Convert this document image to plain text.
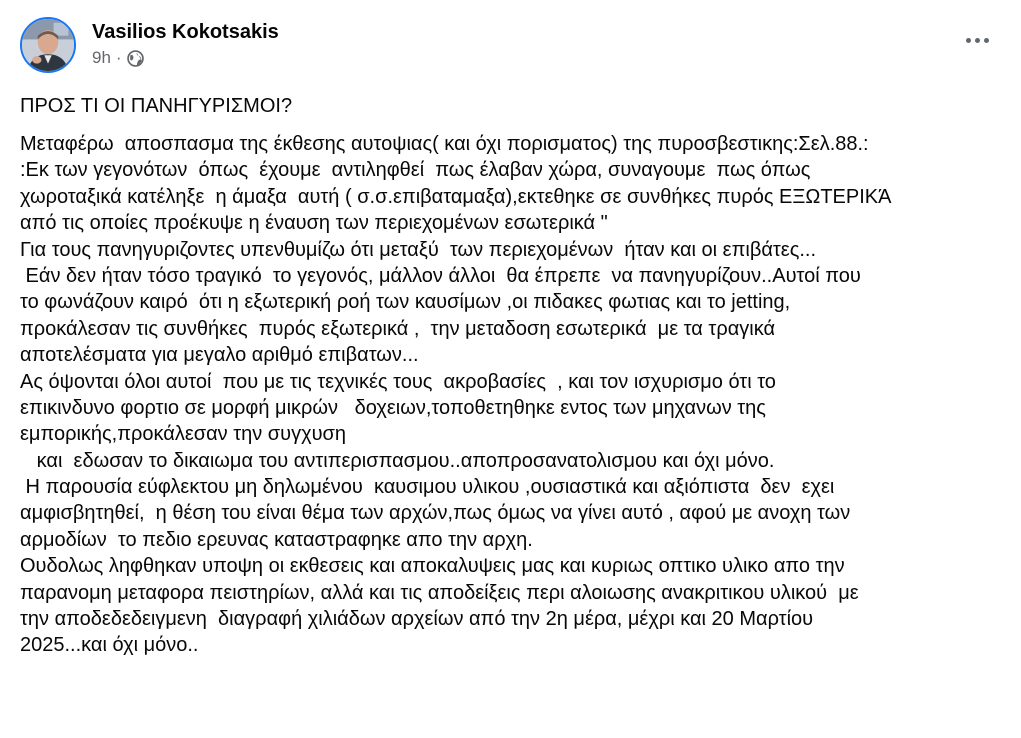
Vasilios Kokotsakis
9h ·
ΠΡΟΣ ΤΙ ΟΙ ΠΑΝΗΓΥΡΙΣΜΟΙ?
Μεταφέρω  αποσπασμα της έκθεσης αυτοψιας( και όχι πορισματος) της πυροσβεστικης:Σελ.88.:
:Εκ των γεγονότων  όπως  έχουμε  αντιληφθεί  πως έλαβαν χώρα, συναγουμε  πως όπως
χωροταξικά κατέληξε  η άμαξα  αυτή ( σ.σ.επιβαταμαξα),εκτεθηκε σε συνθήκες πυρός ΕΞΩΤΕΡΙΚΆ
από τις οποίες προέκυψε η έναυση των περιεχομένων εσωτερικά "
Για τους πανηγυριζοντες υπενθυμίζω ότι μεταξύ  των περιεχομένων  ήταν και οι επιβάτες...
Εάν δεν ήταν τόσο τραγικό  το γεγονός, μάλλον άλλοι  θα έπρεπε  να πανηγυρίζουν..Αυτοί που
το φωνάζουν καιρό  ότι η εξωτερική ροή των καυσίμων ,οι πιδακες φωτιας και το jetting,
προκάλεσαν τις συνθήκες  πυρός εξωτερικά ,  την μεταδοση εσωτερικά  με τα τραγικά
αποτελέσματα για μεγαλο αριθμό επιβατων...
Ας όψονται όλοι αυτοί  που με τις τεχνικές τους  ακροβασίες  , και τον ισχυρισμο ότι το
επικινδυνο φορτιο σε μορφή μικρών   δοχειων,τοποθετηθηκε εντος των μηχανων της
εμπορικής,προκάλεσαν την συγχυση
και  εδωσαν το δικαιωμα του αντιπερισπασμου..αποπροσανατολισμου και όχι μόνο.
Η παρουσία εύφλεκτου μη δηλωμένου  καυσιμου υλικου ,ουσιαστικά και αξιόπιστα  δεν  εχει
αμφισβητηθεί,  η θέση του είναι θέμα των αρχών,πως όμως να γίνει αυτό , αφού με ανοχη των
αρμοδίων  το πεδιο ερευνας καταστραφηκε απο την αρχη.
Ουδολως ληφθηκαν υποψη οι εκθεσεις και αποκαλυψεις μας και κυριως οπτικο υλικο απο την
παρανομη μεταφορα πειστηρίων, αλλά και τις αποδείξεις περι αλοιωσης ανακριτικου υλικού  με
την αποδεδεδειγμενη  διαγραφή χιλιάδων αρχείων από την 2η μέρα, μέχρι και 20 Μαρτίου
2025...και όχι μόνο..
